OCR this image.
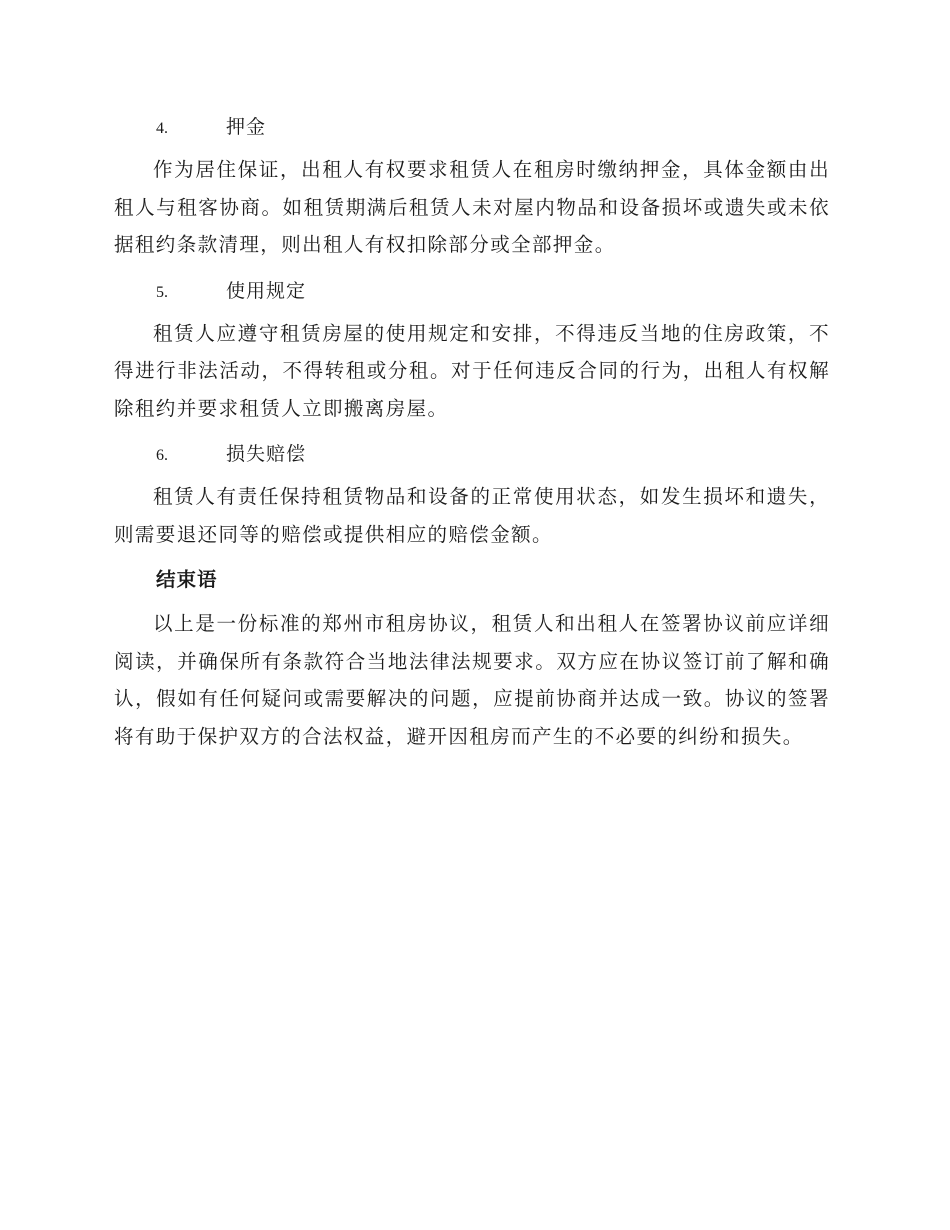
4.	押金

作为居住保证，出租人有权要求租赁人在租房时缴纳押金，具体金额由出租人与租客协商。如租赁期满后租赁人未对屋内物品和设备损坏或遗失或未依据租约条款清理，则出租人有权扣除部分或全部押金。

5.	使用规定

租赁人应遵守租赁房屋的使用规定和安排，不得违反当地的住房政策，不得进行非法活动，不得转租或分租。对于任何违反合同的行为，出租人有权解除租约并要求租赁人立即搬离房屋。

6.	损失赔偿

租赁人有责任保持租赁物品和设备的正常使用状态，如发生损坏和遗失，则需要退还同等的赔偿或提供相应的赔偿金额。

结束语

以上是一份标准的郑州市租房协议，租赁人和出租人在签署协议前应详细阅读，并确保所有条款符合当地法律法规要求。双方应在协议签订前了解和确认，假如有任何疑问或需要解决的问题，应提前协商并达成一致。协议的签署将有助于保护双方的合法权益，避开因租房而产生的不必要的纠纷和损失。
